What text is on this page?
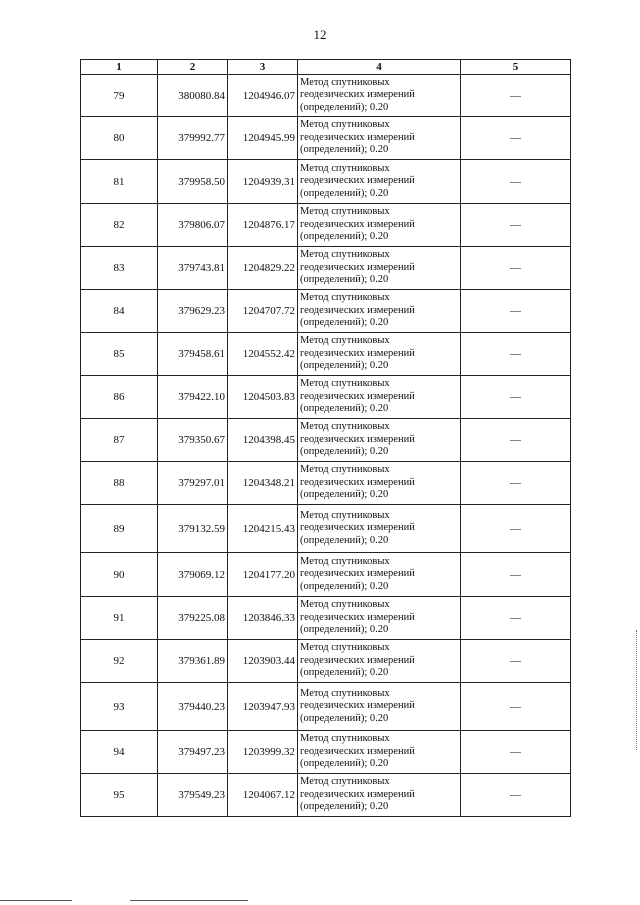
12
1	2	3	4	5
79	380080.84	1204946.07	Метод спутниковых
геодезических измерений
(определений); 0.20	—
80	379992.77	1204945.99	Метод спутниковых
геодезических измерений
(определений); 0.20	—
81	379958.50	1204939.31	Метод спутниковых
геодезических измерений
(определений); 0.20	—
82	379806.07	1204876.17	Метод спутниковых
геодезических измерений
(определений); 0.20	—
83	379743.81	1204829.22	Метод спутниковых
геодезических измерений
(определений); 0.20	—
84	379629.23	1204707.72	Метод спутниковых
геодезических измерений
(определений); 0.20	—
85	379458.61	1204552.42	Метод спутниковых
геодезических измерений
(определений); 0.20	—
86	379422.10	1204503.83	Метод спутниковых
геодезических измерений
(определений); 0.20	—
87	379350.67	1204398.45	Метод спутниковых
геодезических измерений
(определений); 0.20	—
88	379297.01	1204348.21	Метод спутниковых
геодезических измерений
(определений); 0.20	—
89	379132.59	1204215.43	Метод спутниковых
геодезических измерений
(определений); 0.20	—
90	379069.12	1204177.20	Метод спутниковых
геодезических измерений
(определений); 0.20	—
91	379225.08	1203846.33	Метод спутниковых
геодезических измерений
(определений); 0.20	—
92	379361.89	1203903.44	Метод спутниковых
геодезических измерений
(определений); 0.20	—
93	379440.23	1203947.93	Метод спутниковых
геодезических измерений
(определений); 0.20	—
94	379497.23	1203999.32	Метод спутниковых
геодезических измерений
(определений); 0.20	—
95	379549.23	1204067.12	Метод спутниковых
геодезических измерений
(определений); 0.20	—
